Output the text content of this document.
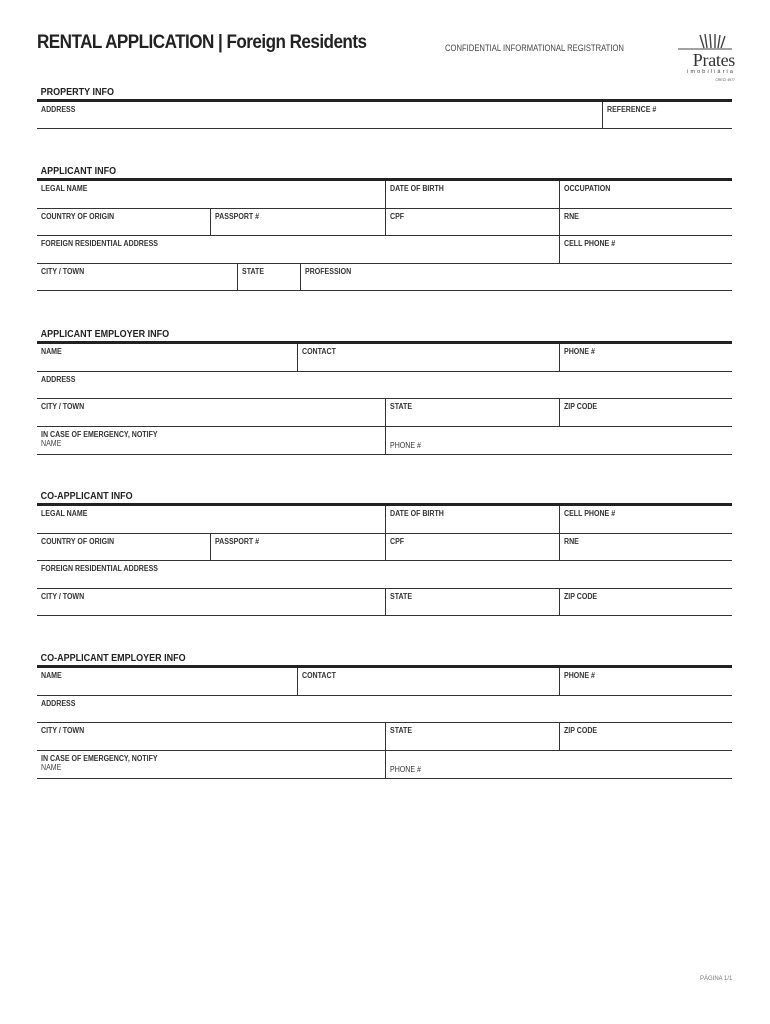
RENTAL APPLICATION | Foreign Residents	CONFIDENTIAL INFORMATIONAL REGISTRATION
Prates
imobiliária
CRECI 4977
PROPERTY INFO
ADDRESS	REFERENCE #
APPLICANT INFO
LEGAL NAME	DATE OF BIRTH	OCCUPATION
COUNTRY OF ORIGIN	PASSPORT #	CPF	RNE
FOREIGN RESIDENTIAL ADDRESS	CELL PHONE #
CITY / TOWN	STATE	PROFESSION
APPLICANT EMPLOYER INFO
NAME	CONTACT	PHONE #
ADDRESS
CITY / TOWN	STATE	ZIP CODE
IN CASE OF EMERGENCY, NOTIFY
NAME	PHONE #
CO-APPLICANT INFO
LEGAL NAME	DATE OF BIRTH	CELL PHONE #
COUNTRY OF ORIGIN	PASSPORT #	CPF	RNE
FOREIGN RESIDENTIAL ADDRESS
CITY / TOWN	STATE	ZIP CODE
CO-APPLICANT EMPLOYER INFO
NAME	CONTACT	PHONE #
ADDRESS
CITY / TOWN	STATE	ZIP CODE
IN CASE OF EMERGENCY, NOTIFY
NAME	PHONE #
PÁGINA 1/1
